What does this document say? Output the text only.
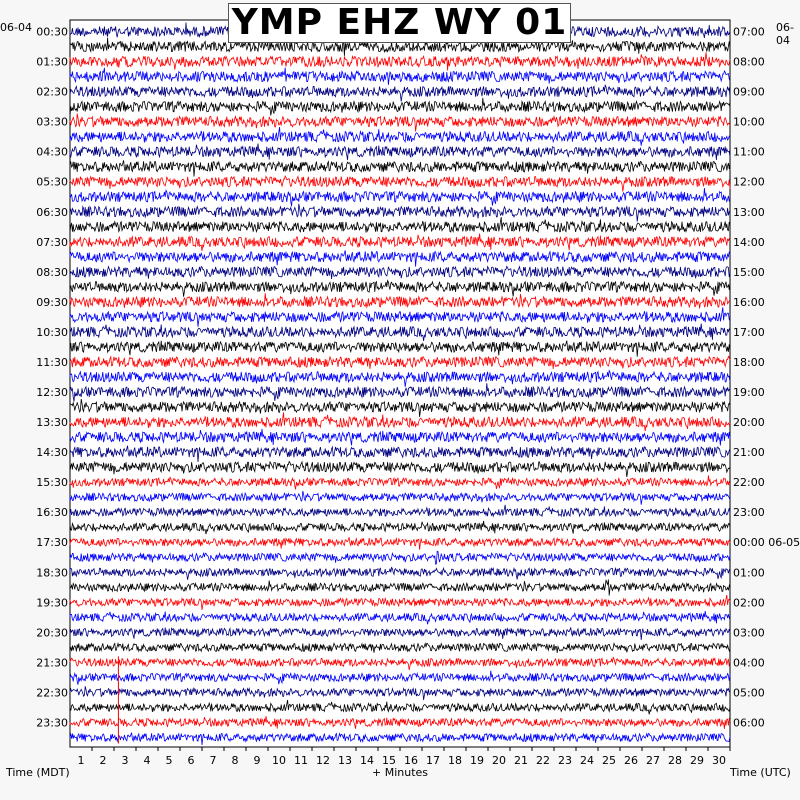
1 2 3 4 5 6 7 8 9 10 11 12 13 14 15 16 17 18 19 20 21 22 23 24 25 26 27 28 29 30
00:30
01:30
02:30
03:30
04:30
05:30
06:30
07:30
08:30
09:30
10:30
11:30
12:30
13:30
14:30
15:30
16:30
17:30
18:30
19:30
20:30
21:30
22:30
23:30
07:00
08:00
09:00
10:00
11:00
12:00
13:00
14:00
15:00
16:00
17:00
18:00
19:00
20:00
21:00
22:00
23:00
00:00 06-05
01:00
02:00
03:00
04:00
05:00
06:00
YMP EHZ WY 01
06-04	06-04
Time (MDT)	+ Minutes	Time (UTC)
